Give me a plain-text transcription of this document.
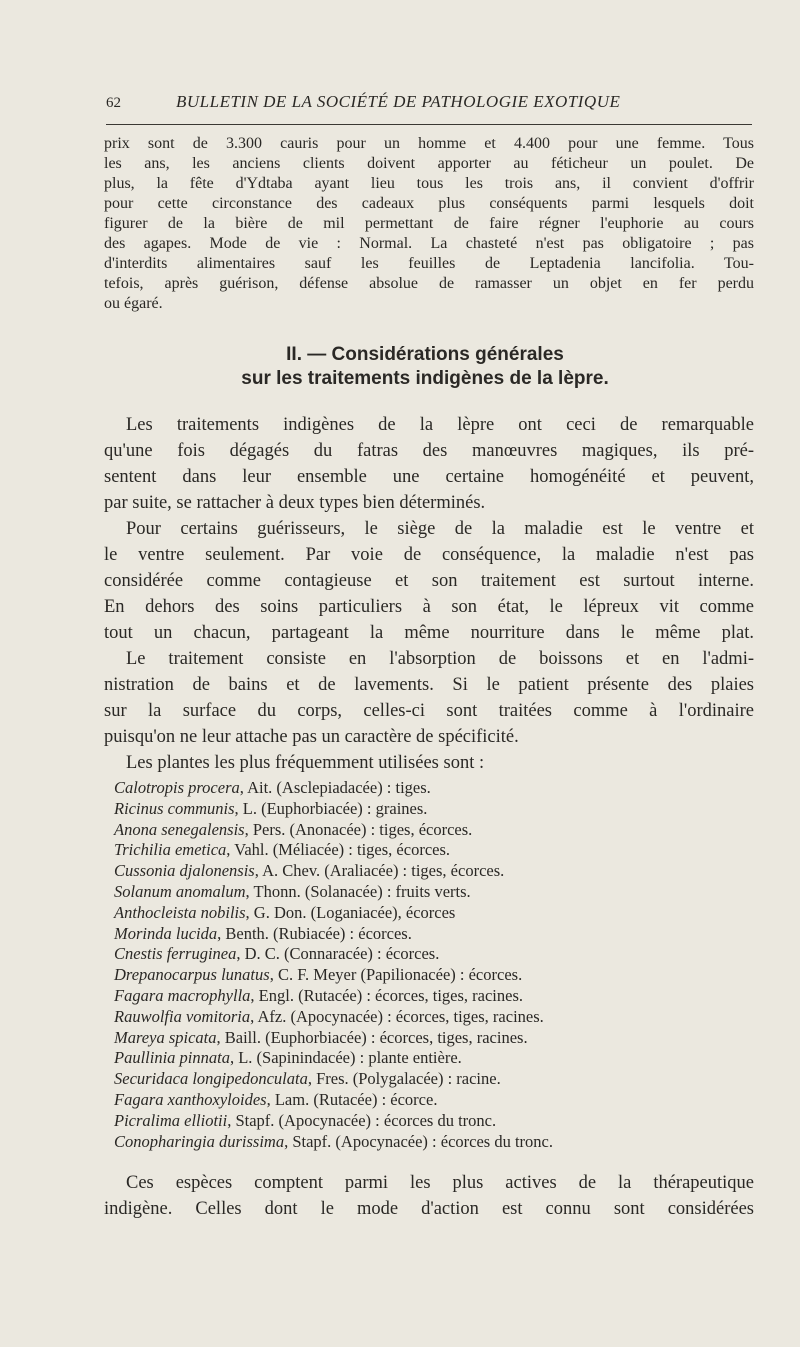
62	BULLETIN DE LA SOCIÉTÉ DE PATHOLOGIE EXOTIQUE
prix sont de 3.300 cauris pour un homme et 4.400 pour une femme. Tous
les ans, les anciens clients doivent apporter au féticheur un poulet. De
plus, la fête d'Ydtaba ayant lieu tous les trois ans, il convient d'offrir
pour cette circonstance des cadeaux plus conséquents parmi lesquels doit
figurer de la bière de mil permettant de faire régner l'euphorie au cours
des agapes. Mode de vie : Normal. La chasteté n'est pas obligatoire ; pas
d'interdits alimentaires sauf les feuilles de Leptadenia lancifolia. Tou-
tefois, après guérison, défense absolue de ramasser un objet en fer perdu
ou égaré.
II. — Considérations générales
sur les traitements indigènes de la lèpre.
Les traitements indigènes de la lèpre ont ceci de remarquable
qu'une fois dégagés du fatras des manœuvres magiques, ils pré-
sentent dans leur ensemble une certaine homogénéité et peuvent,
par suite, se rattacher à deux types bien déterminés.
Pour certains guérisseurs, le siège de la maladie est le ventre et
le ventre seulement. Par voie de conséquence, la maladie n'est pas
considérée comme contagieuse et son traitement est surtout interne.
En dehors des soins particuliers à son état, le lépreux vit comme
tout un chacun, partageant la même nourriture dans le même plat.
Le traitement consiste en l'absorption de boissons et en l'admi-
nistration de bains et de lavements. Si le patient présente des plaies
sur la surface du corps, celles-ci sont traitées comme à l'ordinaire
puisqu'on ne leur attache pas un caractère de spécificité.
Les plantes les plus fréquemment utilisées sont :
Calotropis procera, Ait. (Asclepiadacée) : tiges.
Ricinus communis, L. (Euphorbiacée) : graines.
Anona senegalensis, Pers. (Anonacée) : tiges, écorces.
Trichilia emetica, Vahl. (Méliacée) : tiges, écorces.
Cussonia djalonensis, A. Chev. (Araliacée) : tiges, écorces.
Solanum anomalum, Thonn. (Solanacée) : fruits verts.
Anthocleista nobilis, G. Don. (Loganiacée), écorces
Morinda lucida, Benth. (Rubiacée) : écorces.
Cnestis ferruginea, D. C. (Connaracée) : écorces.
Drepanocarpus lunatus, C. F. Meyer (Papilionacée) : écorces.
Fagara macrophylla, Engl. (Rutacée) : écorces, tiges, racines.
Rauwolfia vomitoria, Afz. (Apocynacée) : écorces, tiges, racines.
Mareya spicata, Baill. (Euphorbiacée) : écorces, tiges, racines.
Paullinia pinnata, L. (Sapinindacée) : plante entière.
Securidaca longipedonculata, Fres. (Polygalacée) : racine.
Fagara xanthoxyloides, Lam. (Rutacée) : écorce.
Picralima elliotii, Stapf. (Apocynacée) : écorces du tronc.
Conopharingia durissima, Stapf. (Apocynacée) : écorces du tronc.
Ces espèces comptent parmi les plus actives de la thérapeutique
indigène. Celles dont le mode d'action est connu sont considérées
